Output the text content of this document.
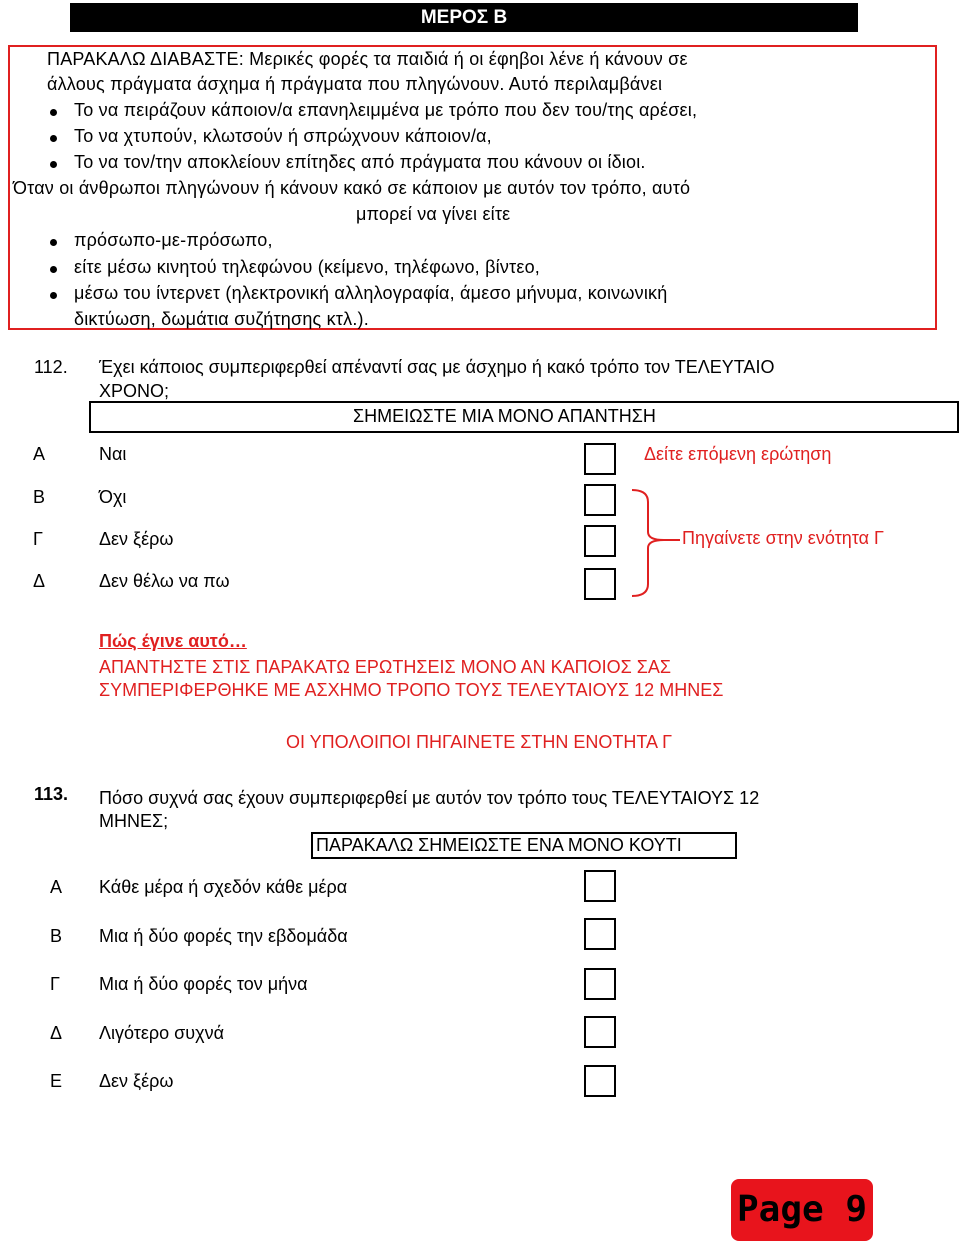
ΜΕΡΟΣ Β
ΠΑΡΑΚΑΛΩ ΔΙΑΒΑΣΤΕ: Μερικές φορές τα παιδιά ή οι έφηβοι λένε ή κάνουν σε
άλλους πράγματα άσχημα ή πράγματα που πληγώνουν. Αυτό περιλαμβάνει
Το να πειράζουν κάποιον/α επανηλειμμένα με τρόπο που δεν του/της αρέσει,
Το να χτυπούν, κλωτσούν ή σπρώχνουν κάποιον/α,
Το να τον/την αποκλείουν επίτηδες από πράγματα που κάνουν οι ίδιοι.
Όταν οι άνθρωποι πληγώνουν ή κάνουν κακό σε κάποιον με αυτόν τον τρόπο, αυτό
μπορεί να γίνει είτε
πρόσωπο-με-πρόσωπο,
είτε μέσω κινητού τηλεφώνου (κείμενο, τηλέφωνο, βίντεο,
μέσω του ίντερνετ (ηλεκτρονική αλληλογραφία, άμεσο μήνυμα, κοινωνική
δικτύωση, δωμάτια συζήτησης κτλ.).
112. Έχει κάποιος συμπεριφερθεί απέναντί σας με άσχημο ή κακό τρόπο τον ΤΕΛΕΥΤΑΙΟ
ΧΡΟΝΟ;
ΣΗΜΕΙΩΣΤΕ ΜΙΑ ΜΟΝΟ ΑΠΑΝΤΗΣΗ
Α	Ναι	Δείτε επόμενη ερώτηση
Β	Όχι
Γ	Δεν ξέρω
Δ	Δεν θέλω να πω
Πηγαίνετε στην ενότητα Γ
Πώς έγινε αυτό…
ΑΠΑΝΤΗΣΤΕ ΣΤΙΣ ΠΑΡΑΚΑΤΩ ΕΡΩΤΗΣΕΙΣ ΜΟΝΟ ΑΝ ΚΑΠΟΙΟΣ ΣΑΣ
ΣΥΜΠΕΡΙΦΕΡΘΗΚΕ ΜΕ ΑΣΧΗΜΟ ΤΡΟΠΟ ΤΟΥΣ ΤΕΛΕΥΤΑΙΟΥΣ 12 ΜΗΝΕΣ
ΟΙ ΥΠΟΛΟΙΠΟΙ ΠΗΓΑΙΝΕΤΕ ΣΤΗΝ ΕΝΟΤΗΤΑ Γ
113. Πόσο συχνά σας έχουν συμπεριφερθεί με αυτόν τον τρόπο τους ΤΕΛΕΥΤΑΙΟΥΣ 12
ΜΗΝΕΣ;
ΠΑΡΑΚΑΛΩ ΣΗΜΕΙΩΣΤΕ ΕΝΑ ΜΟΝΟ ΚΟΥΤΙ
Α Κάθε μέρα ή σχεδόν κάθε μέρα
Β Μια ή δύο φορές την εβδομάδα
Γ Μια ή δύο φορές τον μήνα
Δ Λιγότερο συχνά
Ε Δεν ξέρω
Page 9
